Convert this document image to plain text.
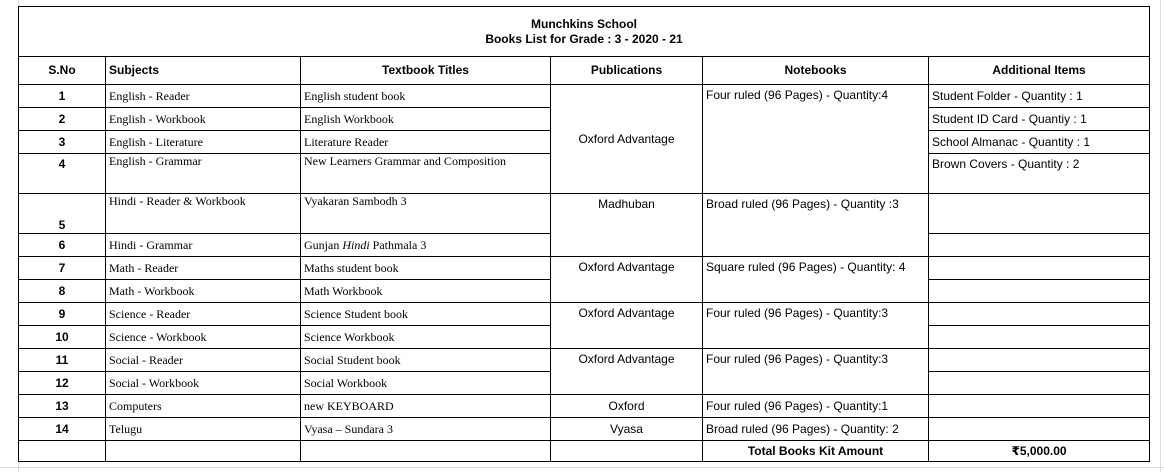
Munchkins School
Books List for Grade : 3 - 2020 - 21					

S.No	Subjects	Textbook Titles	Publications	Notebooks	Additional Items
1	English - Reader	English student book	Oxford Advantage	Four ruled (96 Pages) - Quantity:4	Student Folder - Quantity : 1
2	English - Workbook	English Workbook			Student ID Card - Quantiy : 1
3	English - Literature	Literature Reader			School Almanac - Quantity : 1
4	English - Grammar	New Learners Grammar and Composition			Brown Covers - Quantity : 2
5	Hindi - Reader & Workbook	Vyakaran Sambodh 3	Madhuban	Broad ruled (96 Pages) - Quantity :3	
6	Hindi - Grammar	Gunjan Hindi Pathmala 3			
7	Math - Reader	Maths student book	Oxford Advantage	Square ruled (96 Pages) - Quantity: 4	
8	Math - Workbook	Math Workbook			
9	Science - Reader	Science Student book	Oxford Advantage	Four ruled (96 Pages) - Quantity:3	
10	Science - Workbook	Science Workbook			
11	Social - Reader	Social Student book	Oxford Advantage	Four ruled (96 Pages) - Quantity:3	
12	Social - Workbook	Social Workbook			
13	Computers	new KEYBOARD	Oxford	Four ruled (96 Pages) - Quantity:1	
14	Telugu	Vyasa – Sundara 3	Vyasa	Broad ruled (96 Pages) - Quantity: 2	
				Total Books Kit Amount	₹5,000.00
